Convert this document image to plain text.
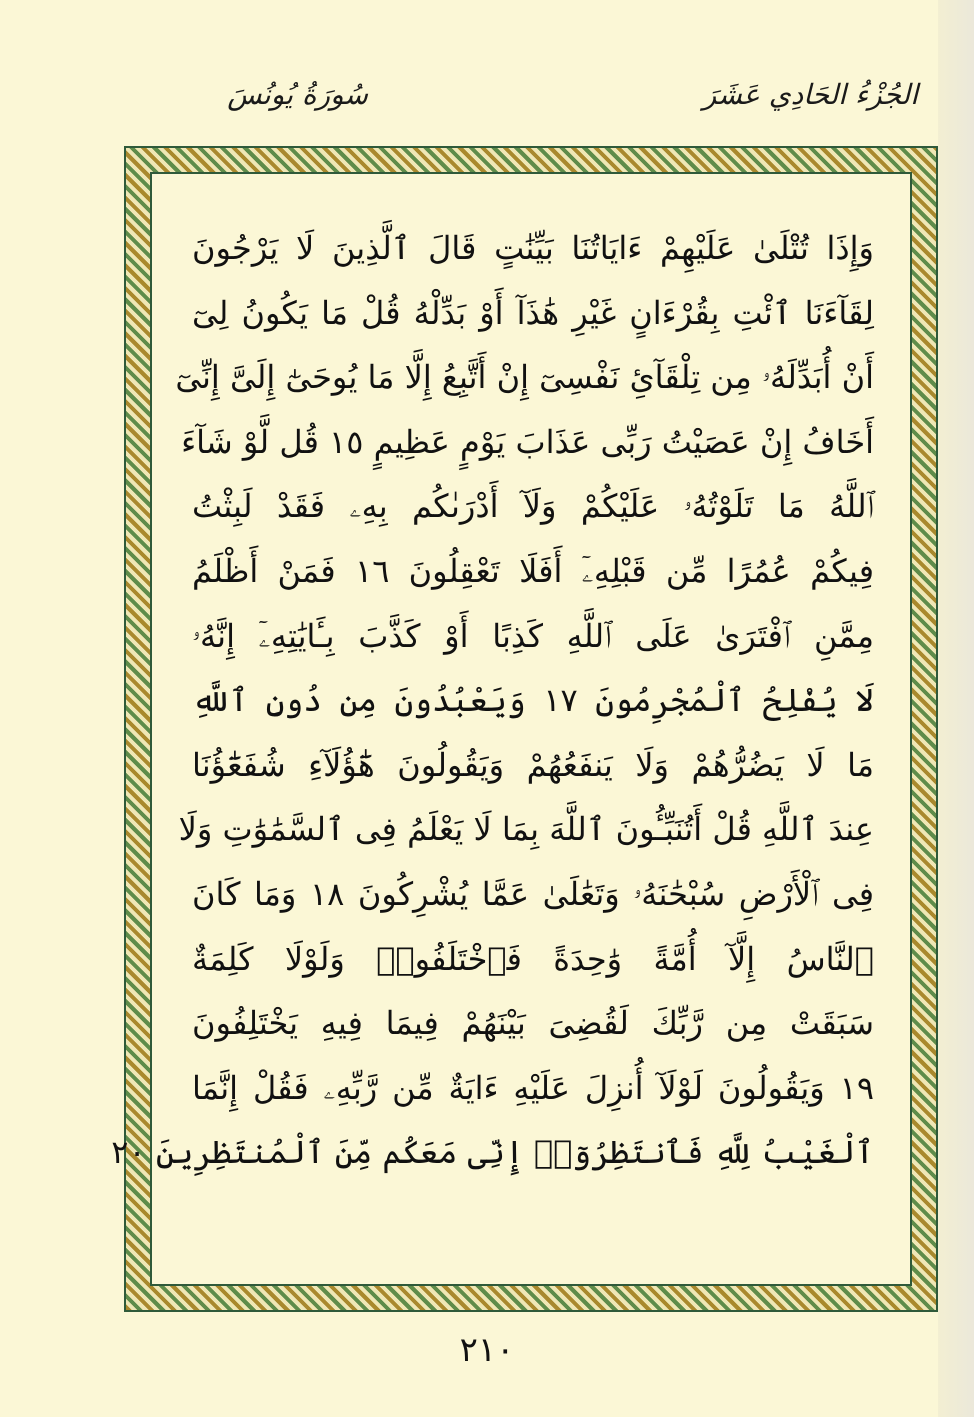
سُورَةُ يُونُسَ	الجُزْءُ الحَادِي عَشَرَ
وَإِذَا تُتْلَىٰ عَلَيْهِمْ ءَايَاتُنَا بَيِّنَٰتٍ قَالَ ٱلَّذِينَ لَا يَرْجُونَ
لِقَآءَنَا ٱئْتِ بِقُرْءَانٍ غَيْرِ هَٰذَآ أَوْ بَدِّلْهُ قُلْ مَا يَكُونُ لِىٓ
أَنْ أُبَدِّلَهُۥ مِن تِلْقَآئِ نَفْسِىٓ إِنْ أَتَّبِعُ إِلَّا مَا يُوحَىٰٓ إِلَىَّ إِنِّىٓ
أَخَافُ إِنْ عَصَيْتُ رَبِّى عَذَابَ يَوْمٍ عَظِيمٍ ١٥ قُل لَّوْ شَآءَ
ٱللَّهُ مَا تَلَوْتُهُۥ عَلَيْكُمْ وَلَآ أَدْرَىٰكُم بِهِۦ فَقَدْ لَبِثْتُ
فِيكُمْ عُمُرًا مِّن قَبْلِهِۦٓ أَفَلَا تَعْقِلُونَ ١٦ فَمَنْ أَظْلَمُ
مِمَّنِ ٱفْتَرَىٰ عَلَى ٱللَّهِ كَذِبًا أَوْ كَذَّبَ بِـَٔايَٰتِهِۦٓ إِنَّهُۥ
لَا يُفْلِحُ ٱلْمُجْرِمُونَ ١٧ وَيَعْبُدُونَ مِن دُونِ ٱللَّهِ
مَا لَا يَضُرُّهُمْ وَلَا يَنفَعُهُمْ وَيَقُولُونَ هَٰٓؤُلَآءِ شُفَعَٰٓؤُنَا
عِندَ ٱللَّهِ قُلْ أَتُنَبِّـُٔونَ ٱللَّهَ بِمَا لَا يَعْلَمُ فِى ٱلسَّمَٰوَٰتِ وَلَا
فِى ٱلْأَرْضِ سُبْحَٰنَهُۥ وَتَعَٰلَىٰ عَمَّا يُشْرِكُونَ ١٨ وَمَا كَانَ
ٱلنَّاسُ إِلَّآ أُمَّةً وَٰحِدَةً فَٱخْتَلَفُوا۟ وَلَوْلَا كَلِمَةٌ
سَبَقَتْ مِن رَّبِّكَ لَقُضِىَ بَيْنَهُمْ فِيمَا فِيهِ يَخْتَلِفُونَ
١٩ وَيَقُولُونَ لَوْلَآ أُنزِلَ عَلَيْهِ ءَايَةٌ مِّن رَّبِّهِۦ فَقُلْ إِنَّمَا
ٱلْغَيْبُ لِلَّهِ فَٱنتَظِرُوٓا۟ إِنِّى مَعَكُم مِّنَ ٱلْمُنتَظِرِينَ ٢٠
٢١٠
